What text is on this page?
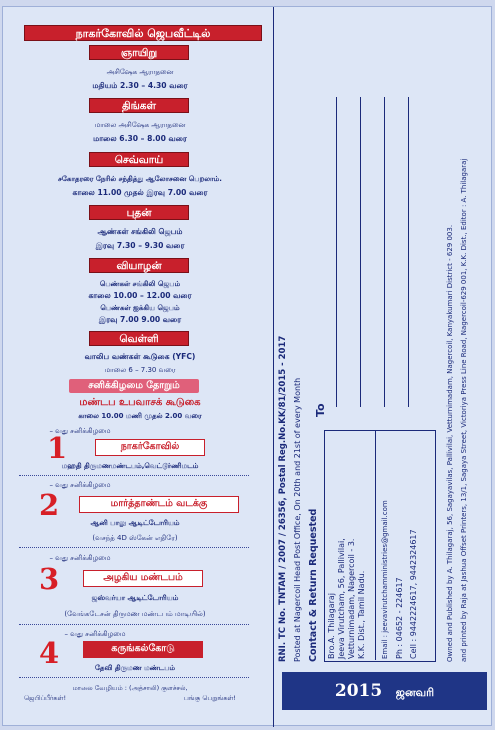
நாகர்கோவில் ஜெபவீட்டில்
ஞாயிறு
அசிஷேக ஆராதனை
மதியம் 2.30 – 4.30 வரை
திங்கள்
மாலை அசிஷேக ஆராதனை
மாலை 6.30 – 8.00 வரை
செவ்வாய்
சகோதரரை நேரில் சந்தித்து ஆலோசனை பெறலாம்.
காலை 11.00 முதல் இரவு 7.00 வரை
புதன்
ஆண்கள் சங்கிலி ஜெபம்
இரவு 7.30 – 9.30 வரை
வியாழன்
பெண்கள் சங்கிலி ஜெபம்
காலை 10.00 – 12.00 வரை
பெண்கள் ஐக்கிய ஜெபம்
இரவு 7.00 9.00 வரை
வெள்ளி
வாலிப வண்கள் கூடுகை (YFC)
மாலை 6 – 7.30 வரை
சனிக்கிழமை தோறும்
மண்டப உபவாசக் கூடுகை
காலை 10.00 மணி முதல் 2.00 வரை
– வது சனிக்கிழமை
1	நாகர்கோவில்
மஹதி திருமணமண்டபம்,வெட்டூர்ணிமடம்
– வது சனிக்கிழமை
2	மார்த்தாண்டம் வடக்கு
ஆனி பாலு ஆடிட்டோரியம்
(வசந்த் 4D ஸ்கேன் எதிரே)
– வது சனிக்கிழமை
3	அழகிய மண்டபம்
ஜஸ்வர்யா ஆடிட்டோரியம்
(வேங்கடேசன் திருமண மண்டபம் மாடியில்)
– வது சனிக்கிழமை
4	கருங்கல்கோடு
தேவி திருமண மண்டபம்
மாலை வேழியம் : (அத்சாலி) குளச்சல்,
ஜெபிப்பீர்கள்!	பங்கு பெறுங்கள்!
RNI. TC No. TNTAM / 2007 / 26356, Postal Reg.No.KK/81/2015 - 2017 Posted at Nagercoil Head Post Office, On 20th and 21st of every Month Contact & Return Requested
To
Bro.A. Thilagaraj Jeeva Virutcham, 56, Pallivilai, Vetturnimadam, Nagercoil - 3. K.K. Dist., Tamil Nadu. Email : jeevavirutchamministries@gmail.com Ph : 04652 - 224617 Cell : 9442224617, 9442324617	Owned and Published by A. Thilagaraj, 56, Sagayavilas, Pallivilai, Vetturnimadam, Nagercoil, Kanyakumari District - 629 003. and printed by Raja at Jashua Offset Printers, 13/1, Sagaya Street, Victoriya Press Line Road, Nagercoil-629 001, K.K. Dist., Editor : A. Thilagaraj
2015 ஜனவரி
